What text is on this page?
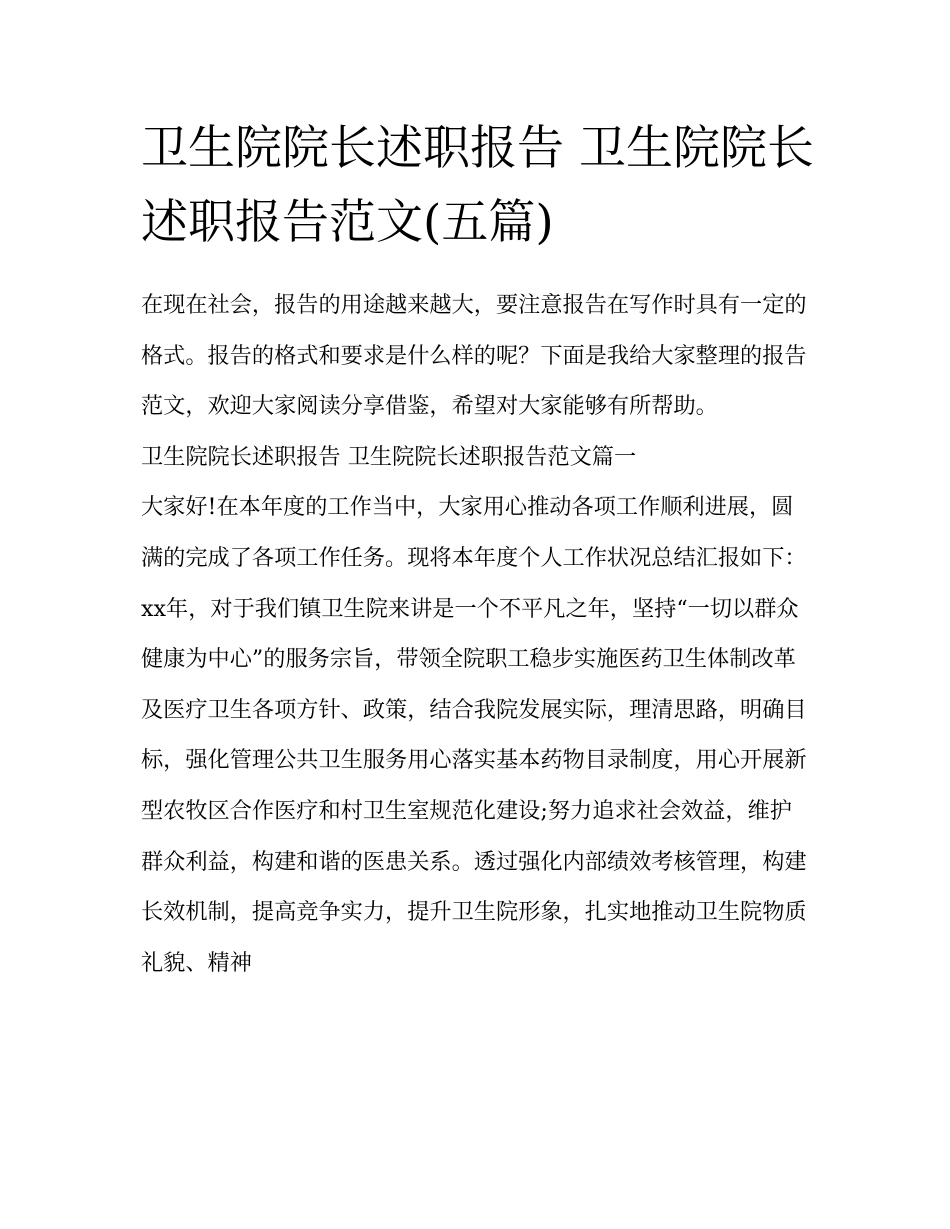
卫生院院长述职报告 卫生院院长述职报告范文(五篇)

在现在社会，报告的用途越来越大，要注意报告在写作时具有一定的格式。报告的格式和要求是什么样的呢？下面是我给大家整理的报告范文，欢迎大家阅读分享借鉴，希望对大家能够有所帮助。

卫生院院长述职报告 卫生院院长述职报告范文篇一

大家好!在本年度的工作当中，大家用心推动各项工作顺利进展，圆满的完成了各项工作任务。现将本年度个人工作状况总结汇报如下：

xx年，对于我们镇卫生院来讲是一个不平凡之年，坚持“一切以群众健康为中心”的服务宗旨，带领全院职工稳步实施医药卫生体制改革及医疗卫生各项方针、政策，结合我院发展实际，理清思路，明确目标，强化管理公共卫生服务用心落实基本药物目录制度，用心开展新型农牧区合作医疗和村卫生室规范化建设;努力追求社会效益，维护群众利益，构建和谐的医患关系。透过强化内部绩效考核管理，构建长效机制，提高竞争实力，提升卫生院形象，扎实地推动卫生院物质礼貌、精神
